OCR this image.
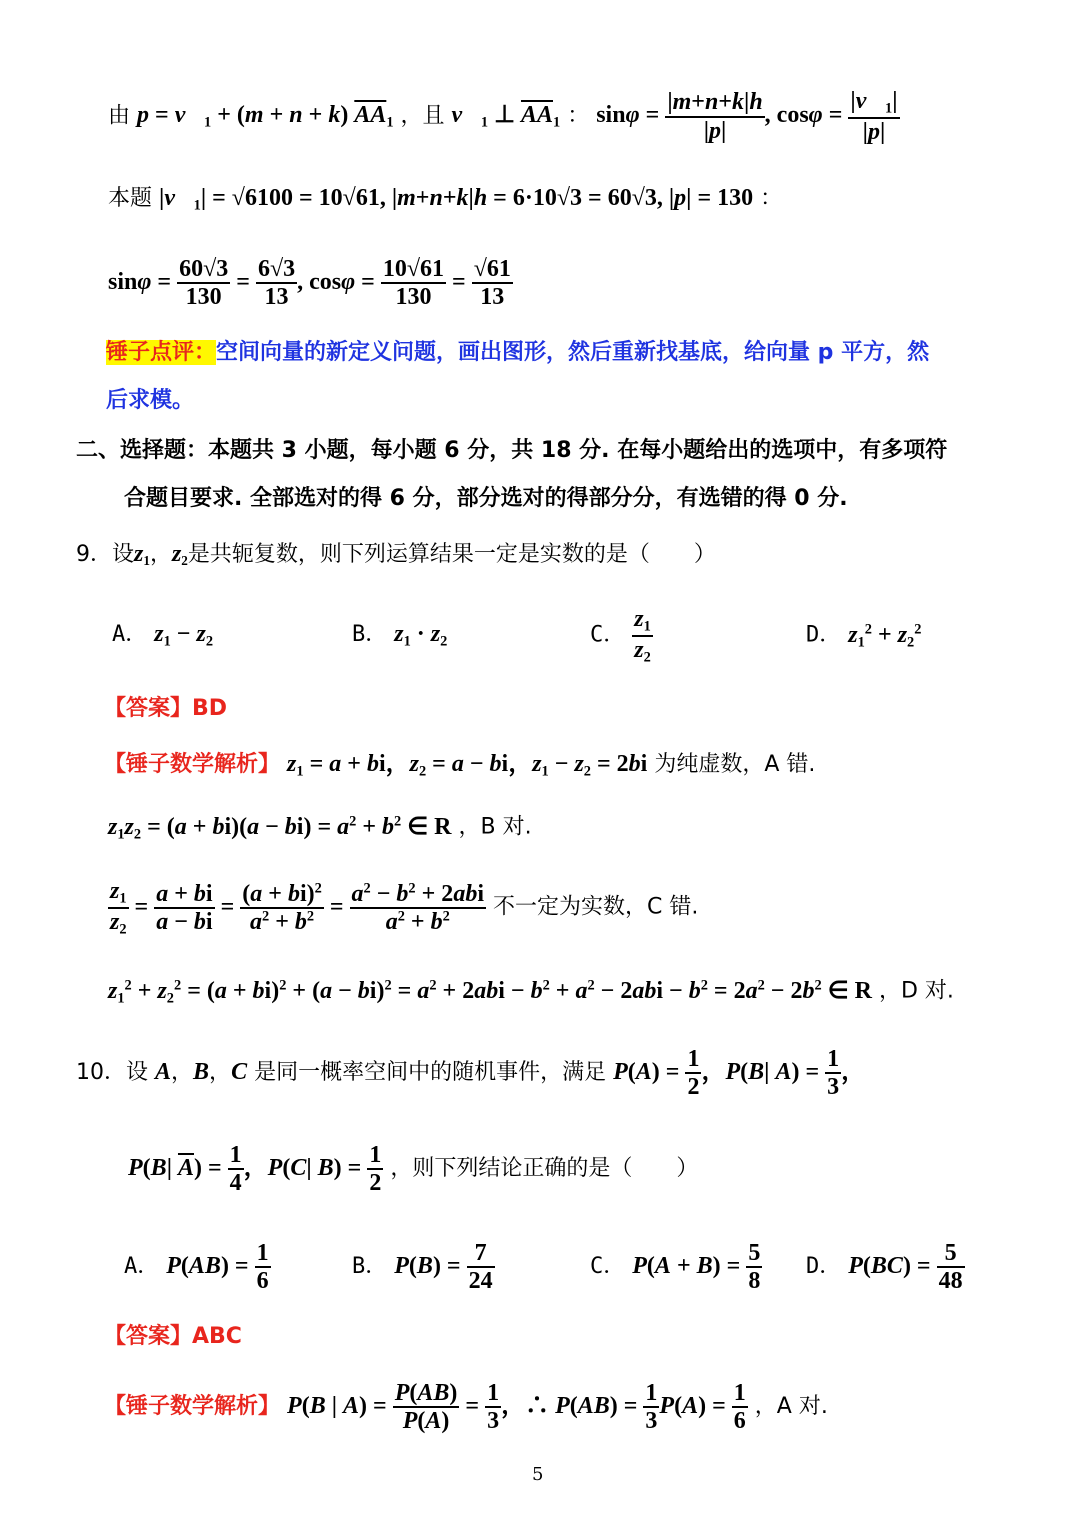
由 $p = v⃗_1 + (m + n + k)$ $\overline{AA}_1$ ，且 $v⃗_1$ ⊥ $\overline{AA}_1$ ： $\sin\varphi = \frac{|m+n+k|h}{|p|}$ , $\cos\varphi = \frac{|v⃗_1|}{|p|}$
本题 $|v⃗_1| = √6100 = 10√61$, |m+n+k|h = 6·10√3 = 60√3, |p| = 130 ：
$\sin\varphi = \frac{60√3}{130} = \frac{6√3}{13}$ , $\cos\varphi = \frac{10√61}{130} = \frac{√61}{13}$
锤子点评：空间向量的新定义问题，画出图形，然后重新找基底，给向量 p 平方，然
后求模。
二、选择题：本题共 3 小题，每小题 6 分，共 18 分. 在每小题给出的选项中，有多项符
合题目要求. 全部选对的得 6 分，部分选对的得部分分，有选错的得 0 分.
9．设$z_1$，$z_2$是共轭复数，则下列运算结果一定是实数的是（　　）
A． $z_1 - z_2$	B． $z_1 \cdot z_2$	C． $\frac{z_1}{z_2}$	D． $z_1^2 + z_2^2$
【答案】BD
【锤子数学解析】 $z_1 = a$ + bi，$z_2 = a$ − bi，$z_1 - z_2 = 2bi$ 为纯虚数，A 错.
$z_1z_2 = (a + bi)(a - bi) = a^2 + b^2$ ∈ R ，B 对.
$\frac{z_1}{z_2} = \frac{a + bi}{a - bi} = \frac{(a + bi)^2}{a^2 + b^2} = \frac{a^2 - b^2 + 2abi}{a^2 + b^2}$ 不一定为实数，C 错.
$z_1^2 + z_2^2 = (a + bi)^2 + (a - bi)^2 = a^2 + 2abi - b^2 + a^2 - 2abi - b^2 = 2a^2 - 2b^2$ ∈ R ，D 对.
10．设 A，B，C 是同一概率空间中的随机事件，满足 $P(A) = \frac{1}{2}$ ，P(B| $A) = \frac{1}{3}$ ，
P(B| $\overline{A}) = \frac{1}{4}$ ，P(C| $B) = \frac{1}{2}$ ，则下列结论正确的是（　　）
A． $P(AB) = \frac{1}{6}$	B． $P(B) = \frac{7}{24}$	C． $P(A + B) = \frac{5}{8}$ D． $P(BC) = \frac{5}{48}$
【答案】ABC
【锤子数学解析】 P(B | $A) = \frac{P(AB)}{P(A)} = \frac{1}{3}$ ，∴ $P(AB) = \frac{1}{3} P(A) = \frac{1}{6}$ ，A 对.
5
